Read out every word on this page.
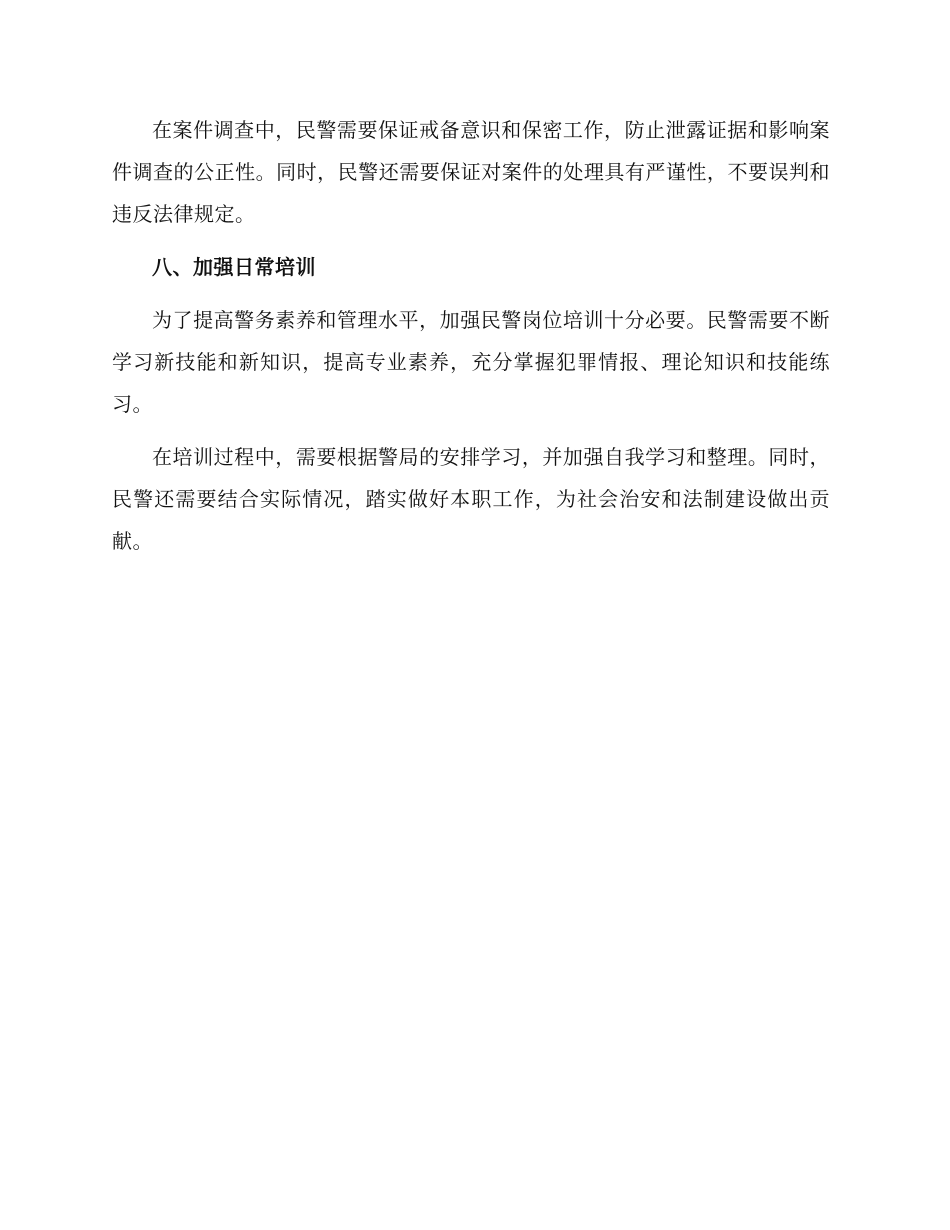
在案件调查中，民警需要保证戒备意识和保密工作，防止泄露证据和影响案件调查的公正性。同时，民警还需要保证对案件的处理具有严谨性，不要误判和违反法律规定。

八、加强日常培训

为了提高警务素养和管理水平，加强民警岗位培训十分必要。民警需要不断学习新技能和新知识，提高专业素养，充分掌握犯罪情报、理论知识和技能练习。

在培训过程中，需要根据警局的安排学习，并加强自我学习和整理。同时，民警还需要结合实际情况，踏实做好本职工作，为社会治安和法制建设做出贡献。
